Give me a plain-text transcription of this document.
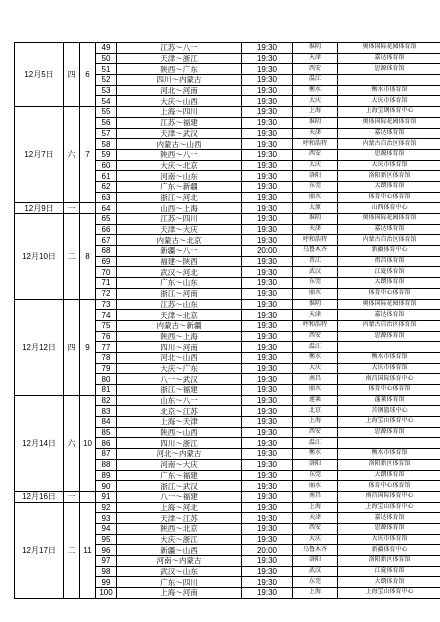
12月5日	四	6	49	江苏～八一	19:30	淮阴	奥体国际花园体育馆
			50	天津～浙江	19:30	天津	嘉达体育馆
			51	陕西～广东	19:30	西安	思源体育馆
			52	四川～内蒙古	19:30	温江	
			53	河北～河南	19:30	衡水	衡水市体育馆
			54	大庆～山西	19:30	大庆	大庆市体育馆
12月7日	六	7	55	上海～四川	19:30	上海	上海宝钢体育中心
			56	江苏～福建	19:30	淮阴	奥体国际花园体育馆
			57	天津～武汉	19:30	天津	嘉达体育馆
			58	内蒙古～山西	19:30	呼和浩特	内蒙古自治区体育馆
			59	陕西～八一	19:30	西安	思源体育馆
			60	大庆～北京	19:30	大庆	大庆市体育馆
			61	河南～山东	19:30	洛阳	洛阳新区体育馆
			62	广东～新疆	19:30	东莞	大朗体育馆
			63	浙江～河北	19:30	丽水	体育中心体育馆
12月9日	一		64	山西～上海	19:30	太原	山西体育中心
12月10日	二	8	65	江苏～四川	19:30	淮阴	奥体国际花园体育馆
			66	天津～大庆	19:30	天津	嘉达体育馆
			67	内蒙古～北京	19:30	呼和浩特	内蒙古自治区体育馆
			68	新疆～八一	20:00	乌鲁木齐	新疆体育中心
			69	福建～陕西	19:30	晋江	祖昌体育馆
			70	武汉～河北	19:30	武汉	江夏体育馆
			71	广东～山东	19:30	东莞	大朗体育馆
			72	浙江～河南	19:30	丽水	体育中心体育馆
12月12日	四	9	73	江苏～山东	19:30	淮阴	奥体国际花园体育馆
			74	天津～北京	19:30	天津	嘉达体育馆
			75	内蒙古～新疆	19:30	呼和浩特	内蒙古自治区体育馆
			76	陕西～上海	19:30	西安	思源体育馆
			77	四川～河南	19:30	温江	
			78	河北～山西	19:30	衡水	衡水市体育馆
			79	大庆～广东	19:30	大庆	大庆市体育馆
			80	八一～武汉	19:30	南昌	南昌国际体育中心
			81	浙江～福建	19:30	丽水	体育中心体育馆
12月14日	六	10	82	山东～八一	19:30	莲莱	蓬莱体育馆
			83	北京～江苏	19:30	北京	首钢篮球中心
			84	上海～天津	19:30	上海	上海宝山体育中心
			85	陕西～山西	19:30	西安	思源体育馆
			86	四川～浙江	19:30	温江	
			87	河北～内蒙古	19:30	衡水	衡水市体育馆
			88	河南～大庆	19:30	洛阳	洛阳新区体育馆
			89	广东～福建	19:30	东莞	大朗体育馆
			90	浙江～武汉	19:30	丽水	体育中心体育馆
12月16日	一		91	八一～福建	19:30	南昌	南昌国际体育中心
12月17日	二	11	92	上海～河北	19:30	上海	上海宝山体育中心
			93	天津～江苏	19:30	天津	嘉达体育馆
			94	陕西～北京	19:30	西安	思源体育馆
			95	大庆～浙江	19:30	大庆	大庆市体育馆
			96	新疆～山西	20:00	乌鲁木齐	新疆体育中心
			97	河南～内蒙古	19:30	洛阳	洛阳新区体育馆
			98	武汉～山东	19:30	武汉	江夏体育馆
			99	广东～四川	19:30	东莞	大朗体育馆
			100	上海～河南	19:30	上海	上海宝山体育中心
